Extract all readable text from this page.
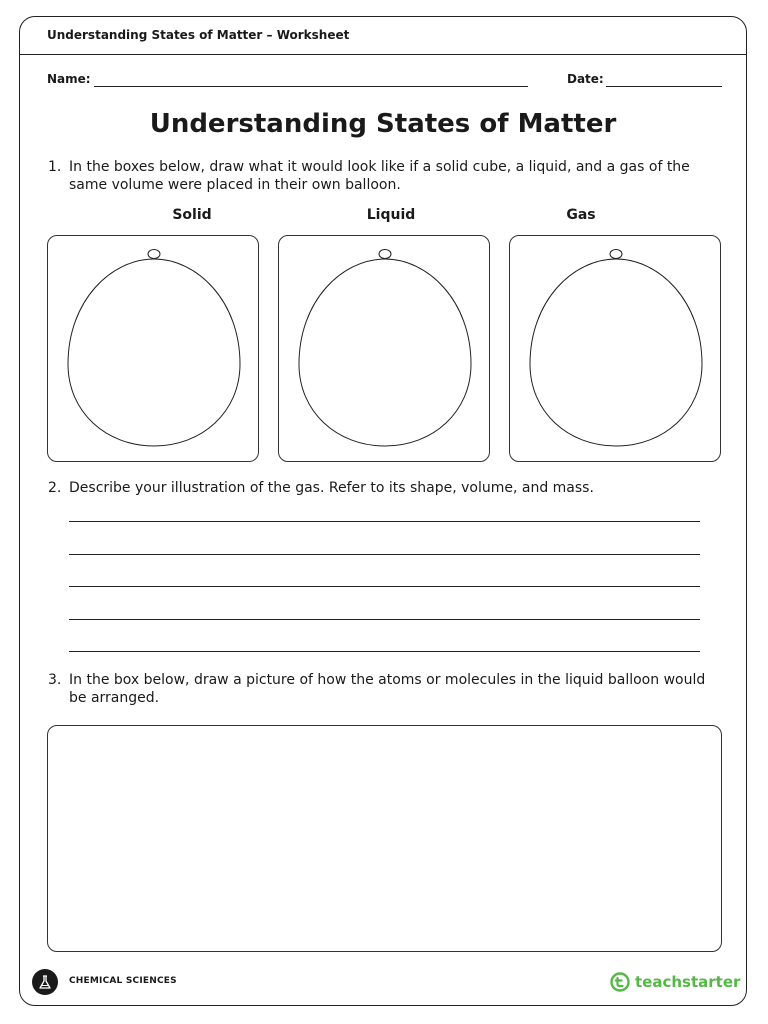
Understanding States of Matter – Worksheet
Name:	Date:
Understanding States of Matter
1. In the boxes below, draw what it would look like if a solid cube, a liquid, and a gas of the same volume were placed in their own balloon.
Solid	Liquid	Gas
2. Describe your illustration of the gas. Refer to its shape, volume, and mass.
3. In the box below, draw a picture of how the atoms or molecules in the liquid balloon would be arranged.
CHEMICAL SCIENCES	teachstarter
